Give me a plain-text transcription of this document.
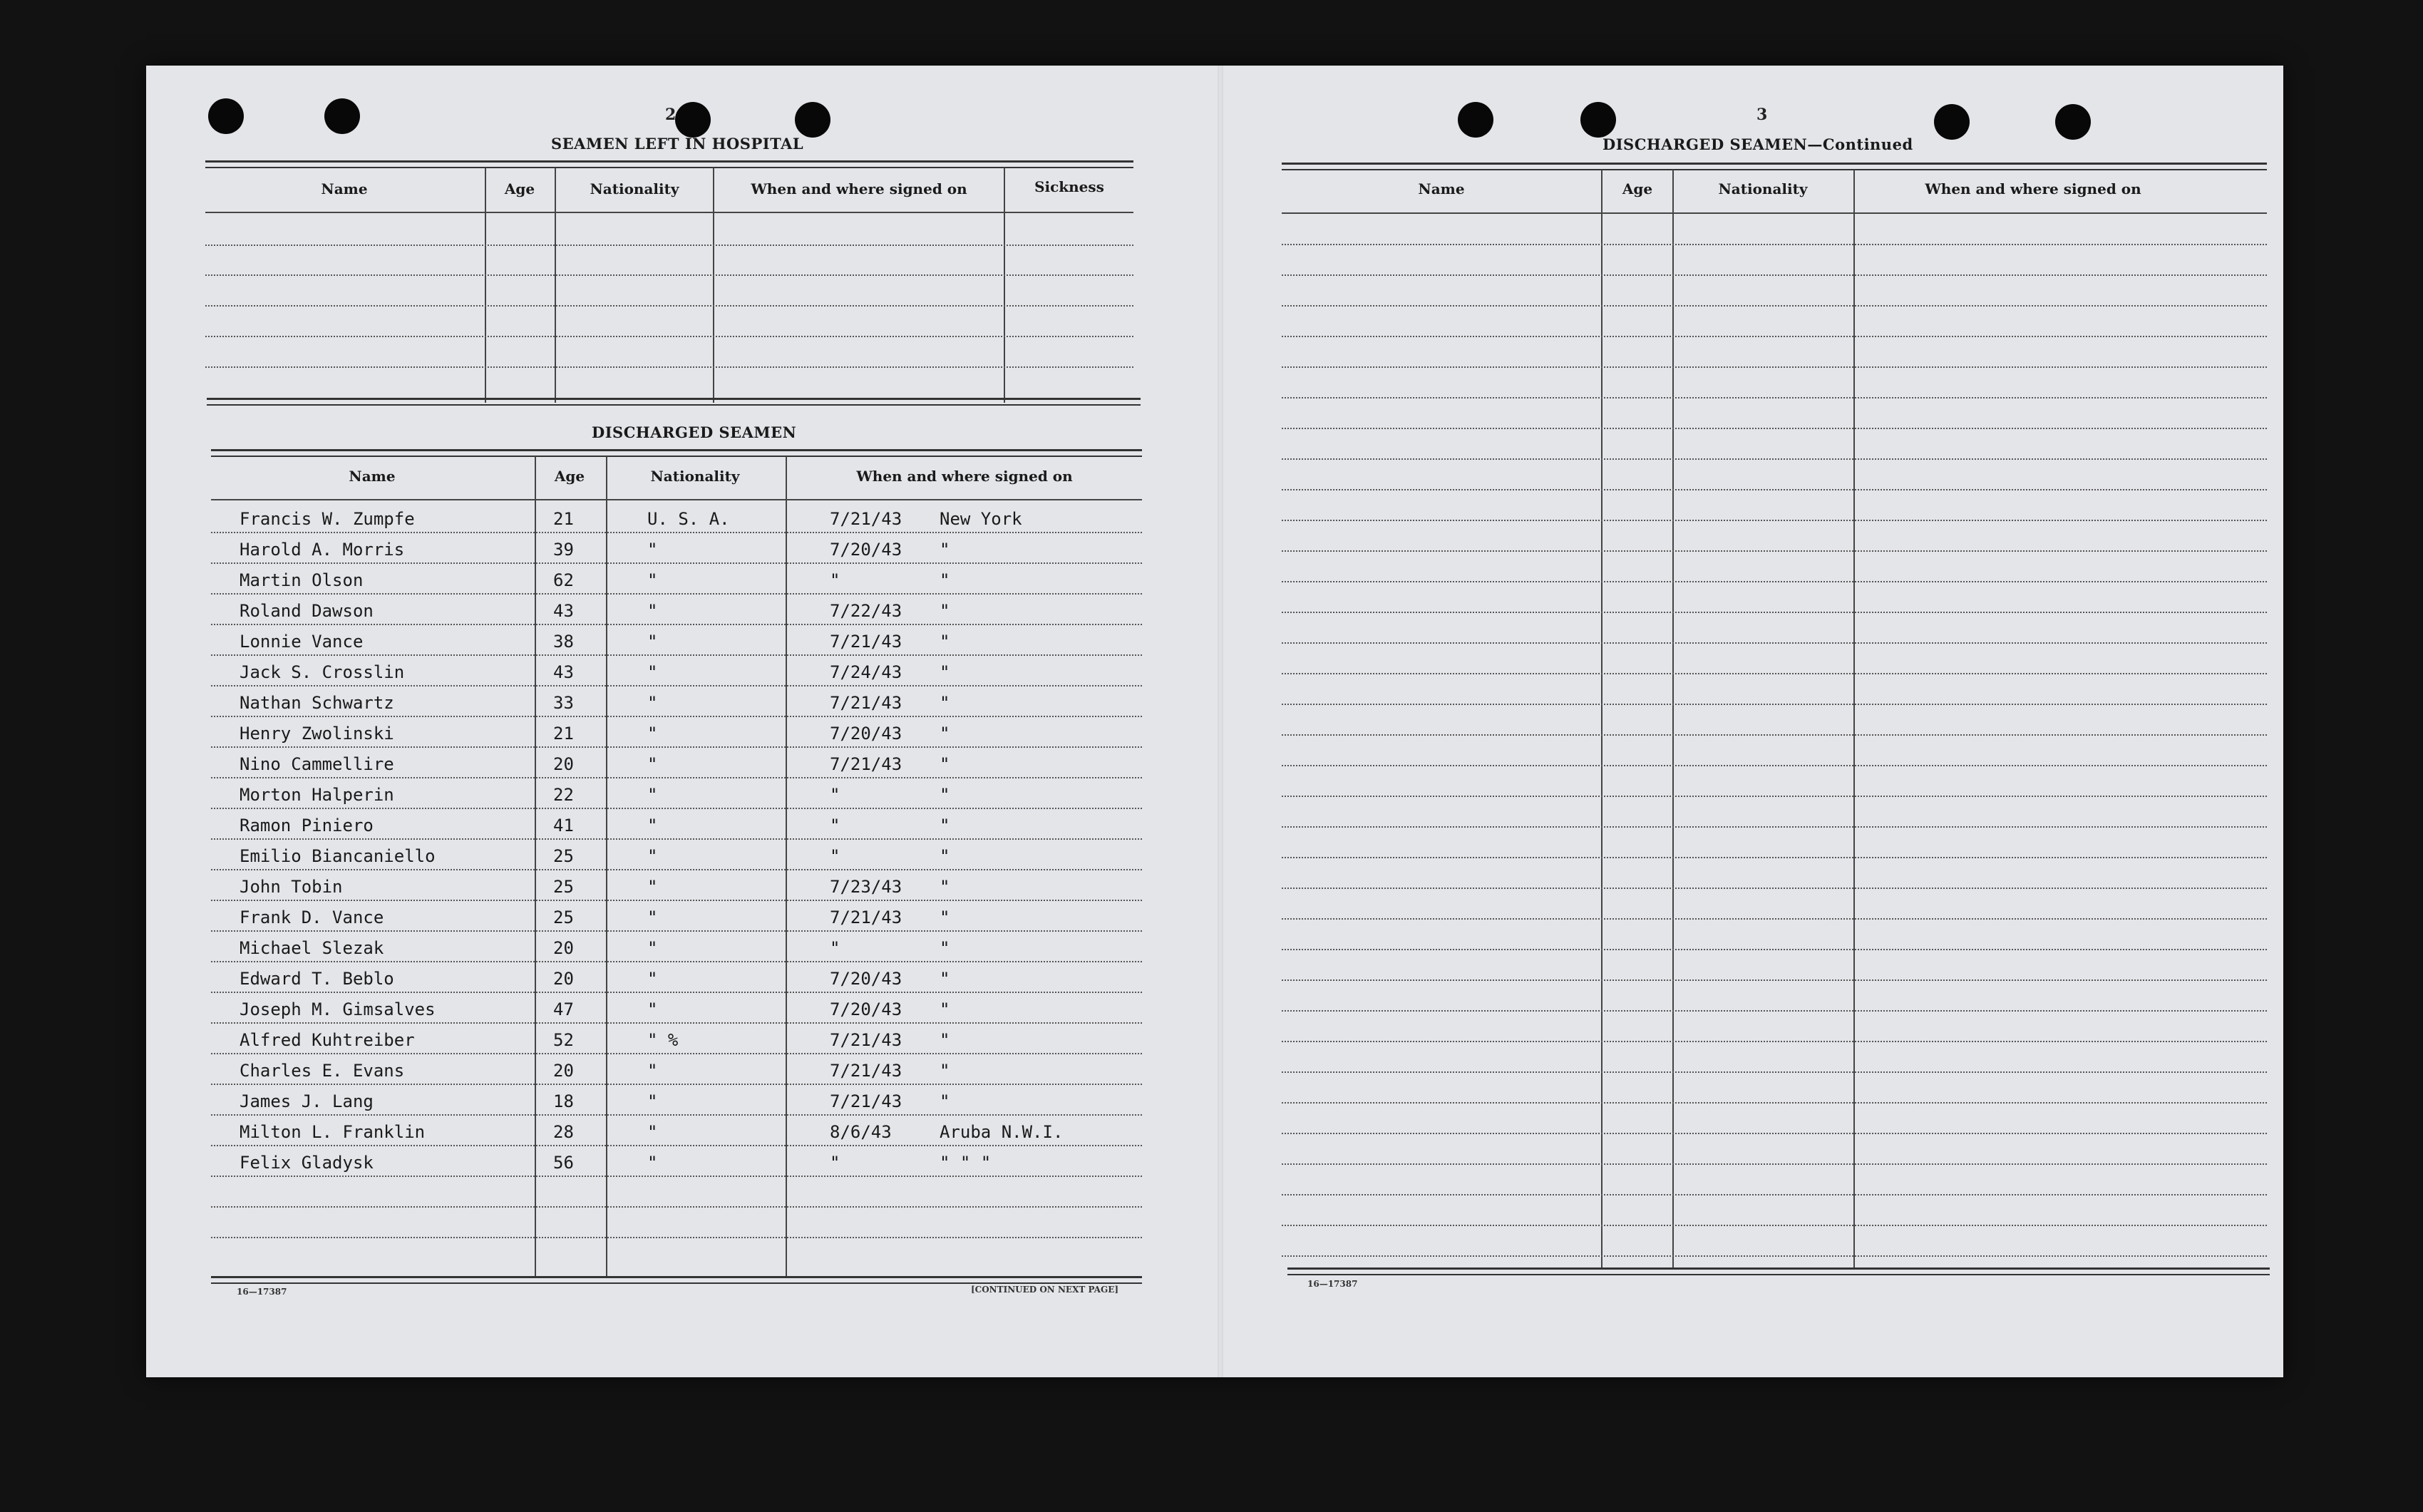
2
SEAMEN LEFT IN HOSPITAL
Name	Age	Nationality	When and where signed on	Sickness
DISCHARGED SEAMEN
Name	Age	Nationality	When and where signed on
Francis W. Zumpfe	21	U. S. A.	7/21/43 New York
Harold A. Morris	39	"	7/20/43 "
Martin Olson	62	"	"	"
Roland Dawson	43	"	7/22/43 "
Lonnie Vance	38	"	7/21/43 "
Jack S. Crosslin	43	"	7/24/43 "
Nathan Schwartz	33	"	7/21/43 "
Henry Zwolinski	21	"	7/20/43 "
Nino Cammellire	20	"	7/21/43 "
Morton Halperin	22	"	"	"
Ramon Piniero	41	"	"	"
Emilio Biancaniello	25	"	"	"
John Tobin	25	"	7/23/43 "
Frank D. Vance	25	"	7/21/43 "
Michael Slezak	20	"	"	"
Edward T. Beblo	20	"	7/20/43 "
Joseph M. Gimsalves	47	"	7/20/43 "
Alfred Kuhtreiber	52	" %	7/21/43 "
Charles E. Evans	20	"	7/21/43 "
James J. Lang	18	"	7/21/43 "
Milton L. Franklin	28	"	8/6/43	Aruba N.W.I.
Felix Gladysk	56	"	"	" " "
16—17387	[CONTINUED ON NEXT PAGE]
3
DISCHARGED SEAMEN—Continued
Name	Age	Nationality	When and where signed on
16—17387
